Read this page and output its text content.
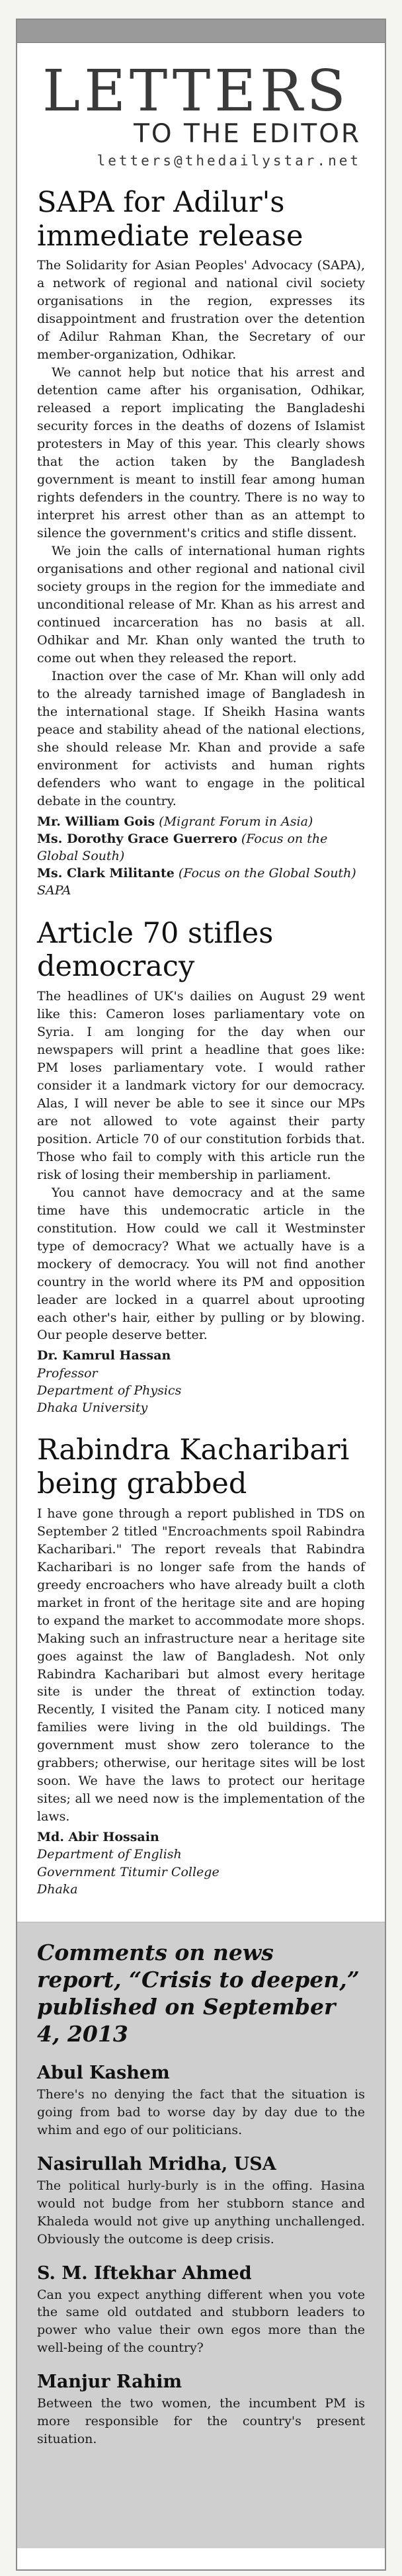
LETTERS
TO THE EDITOR
letters@thedailystar.net
SAPA for Adilur's immediate release

The Solidarity for Asian Peoples' Advocacy (SAPA), a network of regional and national civil society organisations in the region, expresses its disappointment and frustration over the detention of Adilur Rahman Khan, the Secretary of our member-organization, Odhikar.

We cannot help but notice that his arrest and detention came after his organisation, Odhikar, released a report implicating the Bangladeshi security forces in the deaths of dozens of Islamist protesters in May of this year. This clearly shows that the action taken by the Bangladesh government is meant to instill fear among human rights defenders in the country. There is no way to interpret his arrest other than as an attempt to silence the government's critics and stifle dissent.

We join the calls of international human rights organisations and other regional and national civil society groups in the region for the immediate and unconditional release of Mr. Khan as his arrest and continued incarceration has no basis at all. Odhikar and Mr. Khan only wanted the truth to come out when they released the report.

Inaction over the case of Mr. Khan will only add to the already tarnished image of Bangladesh in the international stage. If Sheikh Hasina wants peace and stability ahead of the national elections, she should release Mr. Khan and provide a safe environment for activists and human rights defenders who want to engage in the political debate in the country.

Mr. William Gois (Migrant Forum in Asia)
Ms. Dorothy Grace Guerrero (Focus on the Global South)
Ms. Clark Militante (Focus on the Global South)
SAPA
Article 70 stifles democracy

The headlines of UK's dailies on August 29 went like this: Cameron loses parliamentary vote on Syria. I am longing for the day when our newspapers will print a headline that goes like: PM loses parliamentary vote. I would rather consider it a landmark victory for our democracy. Alas, I will never be able to see it since our MPs are not allowed to vote against their party position. Article 70 of our constitution forbids that. Those who fail to comply with this article run the risk of losing their membership in parliament.

You cannot have democracy and at the same time have this undemocratic article in the constitution. How could we call it Westminster type of democracy? What we actually have is a mockery of democracy. You will not find another country in the world where its PM and opposition leader are locked in a quarrel about uprooting each other's hair, either by pulling or by blowing. Our people deserve better.

Dr. Kamrul Hassan
Professor
Department of Physics
Dhaka University
Rabindra Kacharibari being grabbed

I have gone through a report published in TDS on September 2 titled "Encroachments spoil Rabindra Kacharibari." The report reveals that Rabindra Kacharibari is no longer safe from the hands of greedy encroachers who have already built a cloth market in front of the heritage site and are hoping to expand the market to accommodate more shops. Making such an infrastructure near a heritage site goes against the law of Bangladesh. Not only Rabindra Kacharibari but almost every heritage site is under the threat of extinction today. Recently, I visited the Panam city. I noticed many families were living in the old buildings. The government must show zero tolerance to the grabbers; otherwise, our heritage sites will be lost soon. We have the laws to protect our heritage sites; all we need now is the implementation of the laws.

Md. Abir Hossain
Department of English
Government Titumir College
Dhaka
Comments on news report, “Crisis to deepen,” published on September 4, 2013
Abul Kashem

There's no denying the fact that the situation is going from bad to worse day by day due to the whim and ego of our politicians.

Nasirullah Mridha, USA

The political hurly-burly is in the offing. Hasina would not budge from her stubborn stance and Khaleda would not give up anything unchallenged. Obviously the outcome is deep crisis.

S. M. Iftekhar Ahmed

Can you expect anything different when you vote the same old outdated and stubborn leaders to power who value their own egos more than the well-being of the country?

Manjur Rahim

Between the two women, the incumbent PM is more responsible for the country's present situation.
